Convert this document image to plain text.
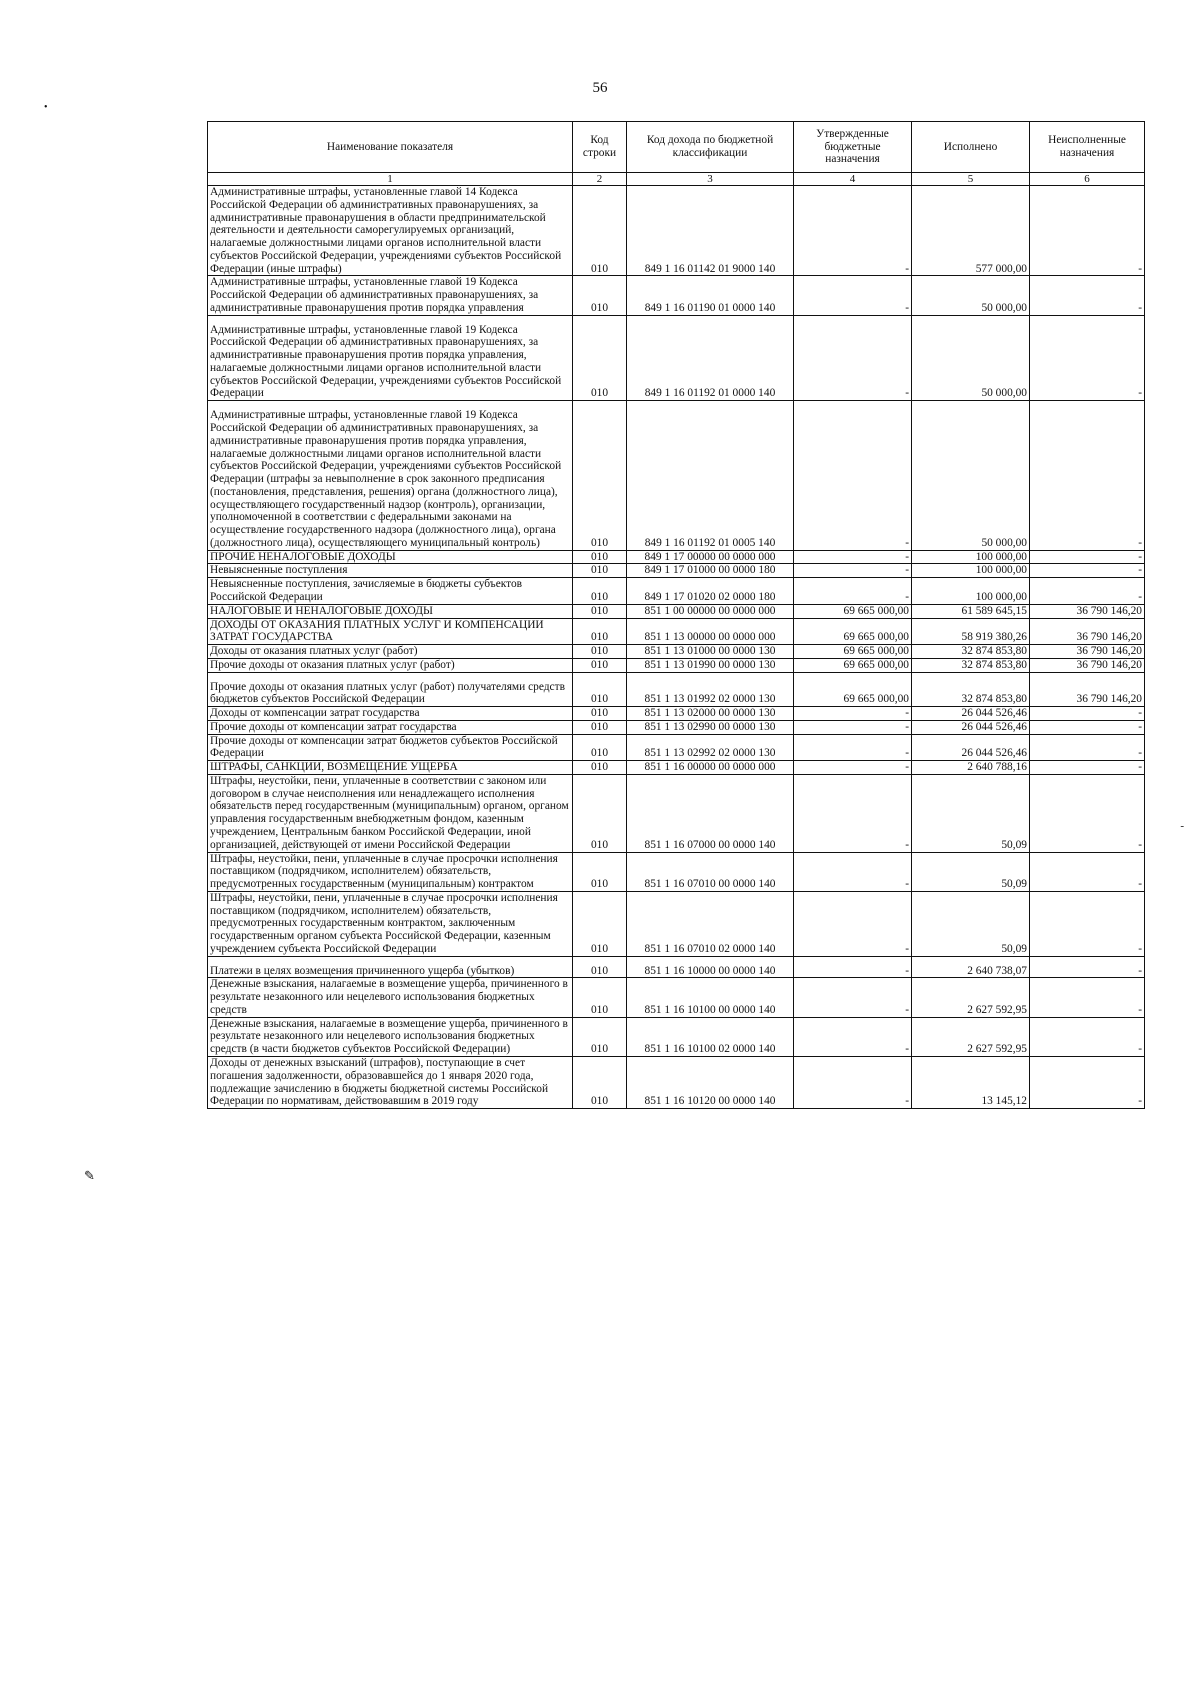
56
•
✎
-
Наименование показателя	Код строки	Код дохода по бюджетной классификации	Утвержденные бюджетные назначения	Исполнено	Неисполненные назначения
1	2	3	4	5	6
Административные штрафы, установленные главой 14 Кодекса Российской Федерации об административных правонарушениях, за административные правонарушения в области предпринимательской деятельности и деятельности саморегулируемых организаций, налагаемые должностными лицами органов исполнительной власти субъектов Российской Федерации, учреждениями субъектов Российской Федерации (иные штрафы)	010	849 1 16 01142 01 9000 140	-	577 000,00	-
Административные штрафы, установленные главой 19 Кодекса Российской Федерации об административных правонарушениях, за административные правонарушения против порядка управления	010	849 1 16 01190 01 0000 140	-	50 000,00	-
Административные штрафы, установленные главой 19 Кодекса Российской Федерации об административных правонарушениях, за административные правонарушения против порядка управления, налагаемые должностными лицами органов исполнительной власти субъектов Российской Федерации, учреждениями субъектов Российской Федерации	010	849 1 16 01192 01 0000 140	-	50 000,00	-
Административные штрафы, установленные главой 19 Кодекса Российской Федерации об административных правонарушениях, за административные правонарушения против порядка управления, налагаемые должностными лицами органов исполнительной власти субъектов Российской Федерации, учреждениями субъектов Российской Федерации (штрафы за невыполнение в срок законного предписания (постановления, представления, решения) органа (должностного лица), осуществляющего государственный надзор (контроль), организации, уполномоченной в соответствии с федеральными законами на осуществление государственного надзора (должностного лица), органа (должностного лица), осуществляющего муниципальный контроль)	010	849 1 16 01192 01 0005 140	-	50 000,00	-
ПРОЧИЕ НЕНАЛОГОВЫЕ ДОХОДЫ	010	849 1 17 00000 00 0000 000	-	100 000,00	-
Невыясненные поступления	010	849 1 17 01000 00 0000 180	-	100 000,00	-
Невыясненные поступления, зачисляемые в бюджеты субъектов Российской Федерации	010	849 1 17 01020 02 0000 180	-	100 000,00	-
НАЛОГОВЫЕ И НЕНАЛОГОВЫЕ ДОХОДЫ	010	851 1 00 00000 00 0000 000	69 665 000,00	61 589 645,15	36 790 146,20
ДОХОДЫ ОТ ОКАЗАНИЯ ПЛАТНЫХ УСЛУГ И КОМПЕНСАЦИИ ЗАТРАТ ГОСУДАРСТВА	010	851 1 13 00000 00 0000 000	69 665 000,00	58 919 380,26	36 790 146,20
Доходы от оказания платных услуг (работ)	010	851 1 13 01000 00 0000 130	69 665 000,00	32 874 853,80	36 790 146,20
Прочие доходы от оказания платных услуг (работ)	010	851 1 13 01990 00 0000 130	69 665 000,00	32 874 853,80	36 790 146,20
Прочие доходы от оказания платных услуг (работ) получателями средств бюджетов субъектов Российской Федерации	010	851 1 13 01992 02 0000 130	69 665 000,00	32 874 853,80	36 790 146,20
Доходы от компенсации затрат государства	010	851 1 13 02000 00 0000 130	-	26 044 526,46	-
Прочие доходы от компенсации затрат государства	010	851 1 13 02990 00 0000 130	-	26 044 526,46	-
Прочие доходы от компенсации затрат бюджетов субъектов Российской Федерации	010	851 1 13 02992 02 0000 130	-	26 044 526,46	-
ШТРАФЫ, САНКЦИИ, ВОЗМЕЩЕНИЕ УЩЕРБА	010	851 1 16 00000 00 0000 000	-	2 640 788,16	-
Штрафы, неустойки, пени, уплаченные в соответствии с законом или договором в случае неисполнения или ненадлежащего исполнения обязательств перед государственным (муниципальным) органом, органом управления государственным внебюджетным фондом, казенным учреждением, Центральным банком Российской Федерации, иной организацией, действующей от имени Российской Федерации	010	851 1 16 07000 00 0000 140	-	50,09	-
Штрафы, неустойки, пени, уплаченные в случае просрочки исполнения поставщиком (подрядчиком, исполнителем) обязательств, предусмотренных государственным (муниципальным) контрактом	010	851 1 16 07010 00 0000 140	-	50,09	-
Штрафы, неустойки, пени, уплаченные в случае просрочки исполнения поставщиком (подрядчиком, исполнителем) обязательств, предусмотренных государственным контрактом, заключенным государственным органом субъекта Российской Федерации, казенным учреждением субъекта Российской Федерации	010	851 1 16 07010 02 0000 140	-	50,09	-
Платежи в целях возмещения причиненного ущерба (убытков)	010	851 1 16 10000 00 0000 140	-	2 640 738,07	-
Денежные взыскания, налагаемые в возмещение ущерба, причиненного в результате незаконного или нецелевого использования бюджетных средств	010	851 1 16 10100 00 0000 140	-	2 627 592,95	-
Денежные взыскания, налагаемые в возмещение ущерба, причиненного в результате незаконного или нецелевого использования бюджетных средств (в части бюджетов субъектов Российской Федерации)	010	851 1 16 10100 02 0000 140	-	2 627 592,95	-
Доходы от денежных взысканий (штрафов), поступающие в счет погашения задолженности, образовавшейся до 1 января 2020 года, подлежащие зачислению в бюджеты бюджетной системы Российской Федерации по нормативам, действовавшим в 2019 году	010	851 1 16 10120 00 0000 140	-	13 145,12	-
